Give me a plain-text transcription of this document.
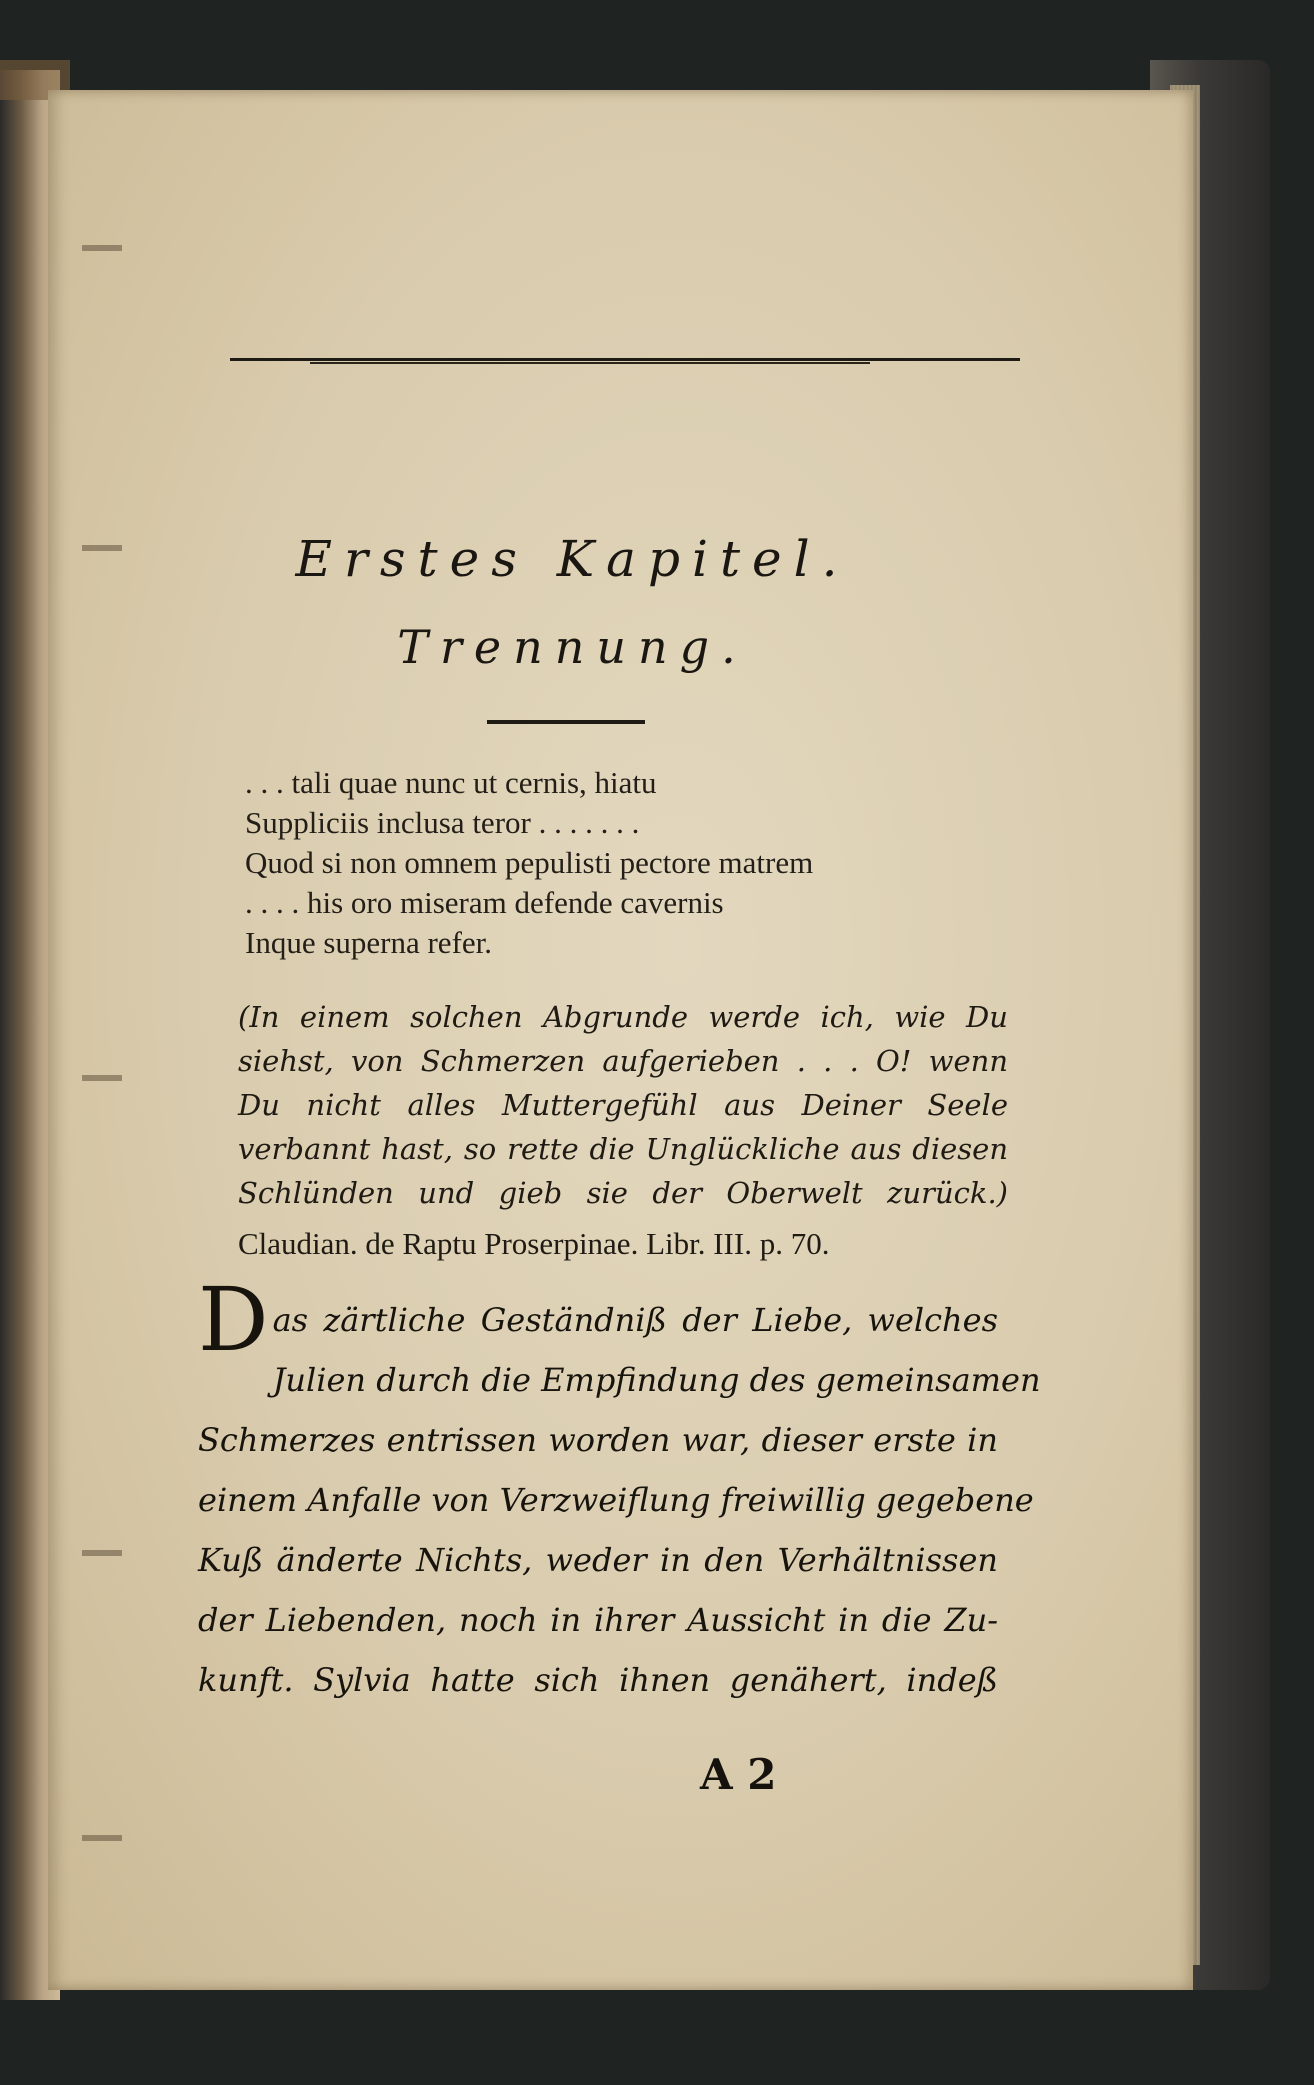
Erstes Kapitel.
Trennung.
. . . tali quae nunc ut cernis, hiatu
Suppliciis inclusa teror . . . . . . .
Quod si non omnem pepulisti pectore matrem
. . . . his oro miseram defende cavernis
Inque superna refer.
(In einem solchen Abgrunde werde ich, wie Du
siehst, von Schmerzen aufgerieben . . . O! wenn
Du nicht alles Muttergefühl aus Deiner Seele
verbannt hast, so rette die Unglückliche aus diesen
Schlünden und gieb sie der Oberwelt zurück.)
Claudian. de Raptu Proserpinae. Libr. III. p. 70.
D as zärtliche Geständniß der Liebe, welches
Julien durch die Empfindung des gemeinsamen
Schmerzes entrissen worden war, dieser erste in
einem Anfalle von Verzweiflung freiwillig gegebene
Kuß änderte Nichts, weder in den Verhältnissen
der Liebenden, noch in ihrer Aussicht in die Zu-
kunft. Sylvia hatte sich ihnen genähert, indeß
A 2
